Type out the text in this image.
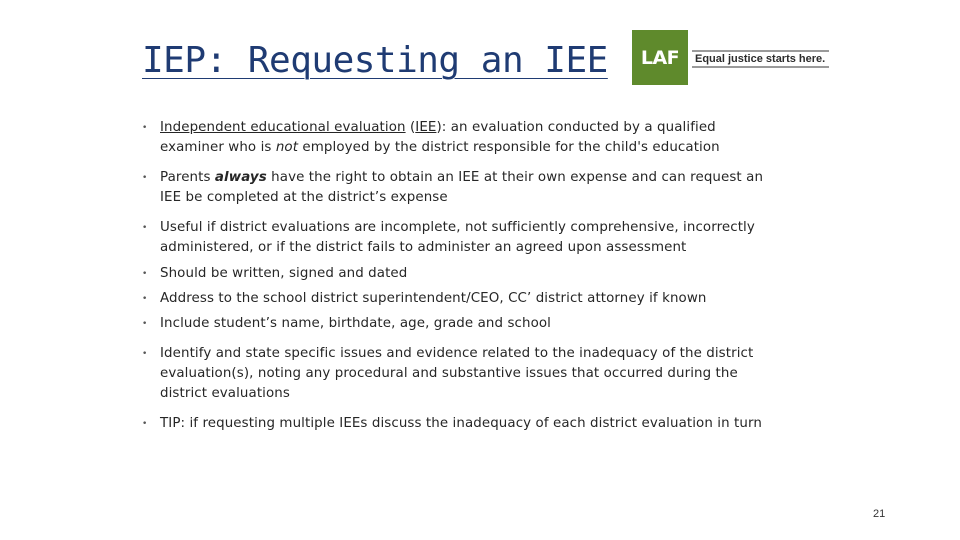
IEP: Requesting an IEE	LAF	Equal justice starts here.
• Independent educational evaluation (IEE): an evaluation conducted by a qualified examiner who is not employed by the district responsible for the child's education
• Parents always have the right to obtain an IEE at their own expense and can request an IEE be completed at the district’s expense
• Useful if district evaluations are incomplete, not sufficiently comprehensive, incorrectly administered, or if the district fails to administer an agreed upon assessment
• Should be written, signed and dated
• Address to the school district superintendent/CEO, CC’ district attorney if known
• Include student’s name, birthdate, age, grade and school
• Identify and state specific issues and evidence related to the inadequacy of the district evaluation(s), noting any procedural and substantive issues that occurred during the district evaluations
• TIP: if requesting multiple IEEs discuss the inadequacy of each district evaluation in turn
21
